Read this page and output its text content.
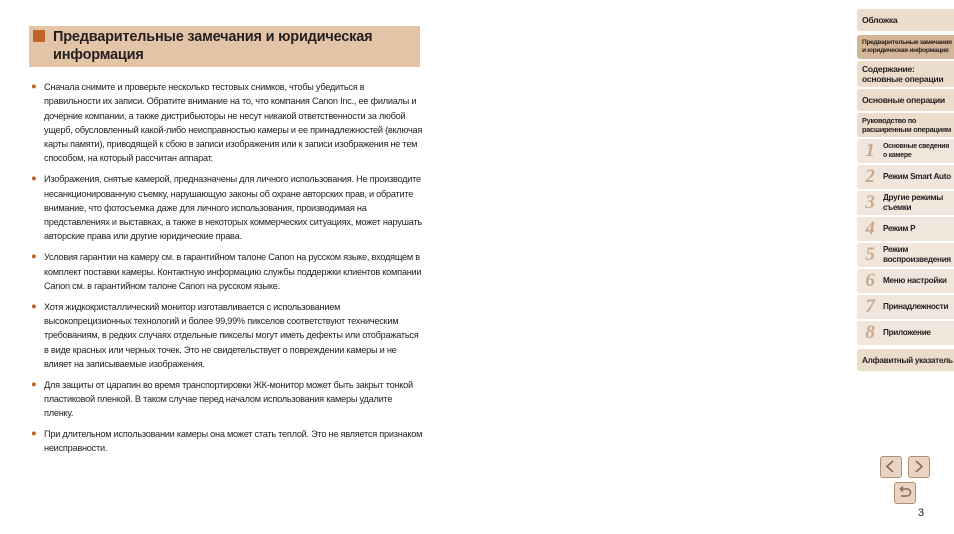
Предварительные замечания и юридическая информация
● Сначала снимите и проверьте несколько тестовых снимков, чтобы убедиться в правильности их записи. Обратите внимание на то, что компания Canon Inc., ее филиалы и дочерние компании, а также дистрибьюторы не несут никакой ответственности за любой ущерб, обусловленный какой-либо неисправностью камеры и ее принадлежностей (включая карты памяти), приводящей к сбою в записи изображения или к записи изображения не тем способом, на который рассчитан аппарат.
● Изображения, снятые камерой, предназначены для личного использования. Не производите несанкционированную съемку, нарушающую законы об охране авторских прав, и обратите внимание, что фотосъемка даже для личного использования, производимая на представлениях и выставках, а также в некоторых коммерческих ситуациях, может нарушать авторские права или другие юридические права.
● Условия гарантии на камеру см. в гарантийном талоне Canon на русском языке, входящем в комплект поставки камеры. Контактную информацию службы поддержки клиентов компании Canon см. в гарантийном талоне Canon на русском языке.
● Хотя жидкокристаллический монитор изготавливается с использованием высокопрецизионных технологий и более 99,99% пикселов соответствуют техническим требованиям, в редких случаях отдельные пикселы могут иметь дефекты или отображаться в виде красных или черных точек. Это не свидетельствует о повреждении камеры и не влияет на записываемые изображения.
● Для защиты от царапин во время транспортировки ЖК-монитор может быть закрыт тонкой пластиковой пленкой. В таком случае перед началом использования камеры удалите пленку.
● При длительном использовании камеры она может стать теплой. Это не является признаком неисправности.
Обложка
Предварительные замечания и юридическая информация
Содержание: основные операции
Основные операции
Руководство по расширенным операциям
1	Основные сведения о камере
2	Режим Smart Auto
3	Другие режимы съемки
4	Режим P
5	Режим воспроизведения
6	Меню настройки
7	Принадлежности
8	Приложение
Алфавитный указатель
3
